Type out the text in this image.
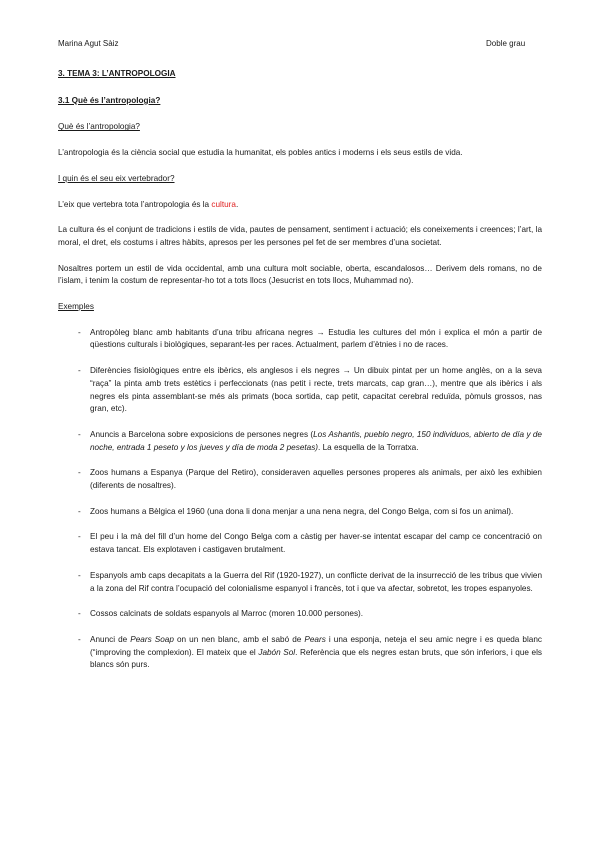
Marina Agut Sàiz	Doble grau
3. TEMA 3: L’ANTROPOLOGIA
3.1 Què és l’antropologia?
Què és l’antropologia?

L’antropologia és la ciència social que estudia la humanitat, els pobles antics i moderns i els seus estils de vida.

I quin és el seu eix vertebrador?

L’eix que vertebra tota l’antropologia és la cultura.

La cultura és el conjunt de tradicions i estils de vida, pautes de pensament, sentiment i actuació; els coneixements i creences; l’art, la moral, el dret, els costums i altres hàbits, apresos per les persones pel fet de ser membres d’una societat.

Nosaltres portem un estil de vida occidental, amb una cultura molt sociable, oberta, escandalosos… Derivem dels romans, no de l’islam, i tenim la costum de representar-ho tot a tots llocs (Jesucrist en tots llocs, Muhammad no).

Exemples
- Antropòleg blanc amb habitants d’una tribu africana negres → Estudia les cultures del món i explica el món a partir de qüestions culturals i biològiques, separant-les per races. Actualment, parlem d’ètnies i no de races.
- Diferències fisiològiques entre els ibèrics, els anglesos i els negres → Un dibuix pintat per un home anglès, on a la seva “raça” la pinta amb trets estètics i perfeccionats (nas petit i recte, trets marcats, cap gran…), mentre que als ibèrics i als negres els pinta assemblant-se més als primats (boca sortida, cap petit, capacitat cerebral reduïda, pòmuls grossos, nas gran, etc).
- Anuncis a Barcelona sobre exposicions de persones negres (Los Ashantis, pueblo negro, 150 individuos, abierto de día y de noche, entrada 1 peseto y los jueves y día de moda 2 pesetas). La esquella de la Torratxa.
- Zoos humans a Espanya (Parque del Retiro), consideraven aquelles persones properes als animals, per això les exhibien (diferents de nosaltres).
- Zoos humans a Bèlgica el 1960 (una dona li dona menjar a una nena negra, del Congo Belga, com si fos un animal).
- El peu i la mà del fill d’un home del Congo Belga com a càstig per haver-se intentat escapar del camp ce concentració on estava tancat. Els explotaven i castigaven brutalment.
- Espanyols amb caps decapitats a la Guerra del Rif (1920-1927), un conflicte derivat de la insurrecció de les tribus que vivien a la zona del Rif contra l’ocupació del colonialisme espanyol i francès, tot i que va afectar, sobretot, les tropes espanyoles.
- Cossos calcinats de soldats espanyols al Marroc (moren 10.000 persones).
- Anunci de Pears Soap on un nen blanc, amb el sabó de Pears i una esponja, neteja el seu amic negre i es queda blanc (“improving the complexion). El mateix que el Jabón Sol. Referència que els negres estan bruts, que són inferiors, i que els blancs són purs.
